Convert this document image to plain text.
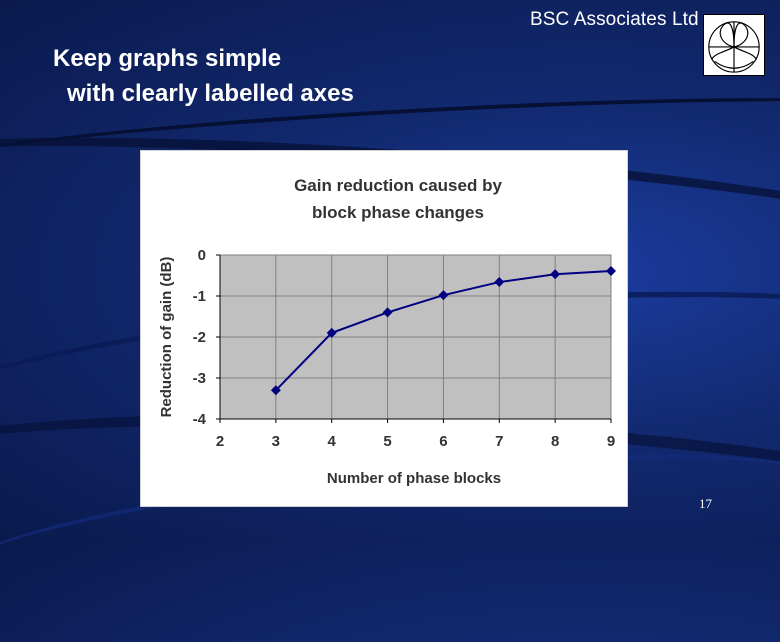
BSC Associates Ltd
Keep graphs simple
with clearly labelled axes
Gain reduction caused by
block phase changes
Reduction of gain (dB)
Number of phase blocks
0
-1
-2
-3
-4
2	3	4	5	6	7	8	9
17
